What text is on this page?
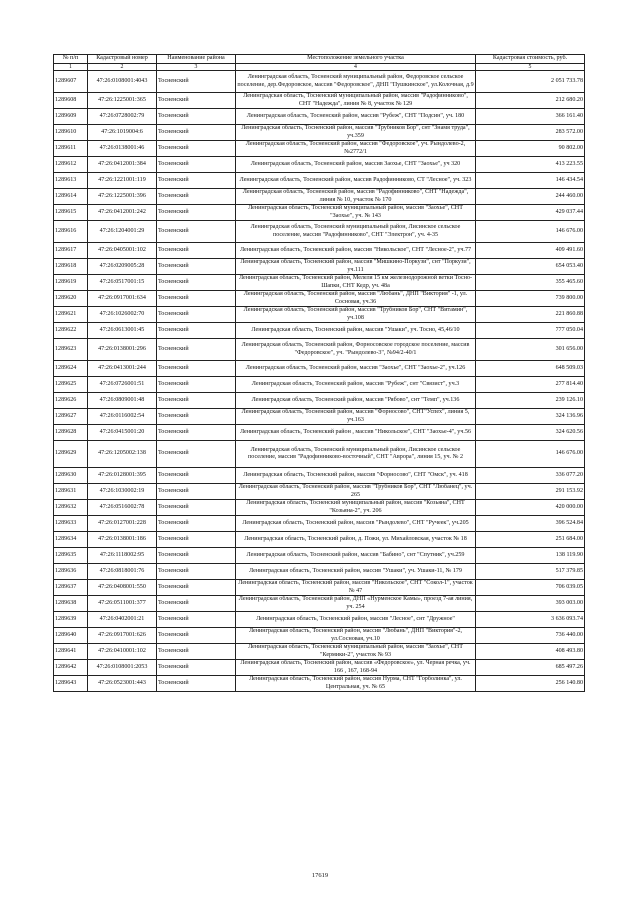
№ п/п	Кадастровый номер	Наименование района	Местоположение земельного участка	Кадастровая стоимость, руб.
1	2	3	4	5
1289607	47:26:0108001:4043	Тосненский	Ленинградская область, Тосненский муниципальный район, Федоровское сельское поселение, дер.Федоровское, массив "Федоровское", ДНП "Пушкинское", ул.Колочная, д.9	2 051 733.78
1289608	47:26:1225001:365	Тосненский	Ленинградская область, Тосненский муниципальный район, массив "Радофинниково", СНТ "Надежда", линия № 8, участок № 129	212 680.20
1289609	47:26:0728002:79	Тосненский	Ленинградская область, Тосненский район, массив "Рубеж", СНТ "Подсин", уч. 180	366 161.40
1289610	47:26:1019004:6	Тосненский	Ленинградская область, Тосненский район, массив "Трубников Бор", снт "Знамя труда", уч.359	283 572.00
1289611	47:26:0138001:46	Тосненский	Ленинградская область, Тосненский район, массив "Федоровское", уч. Рындолево-2, №2772/1	90 802.00
1289612	47:26:0412001:384	Тосненский	Ленинградская область, Тосненский район, массив Заохье, СНТ "Заохье", уч 320	413 223.55
1289613	47:26:1221001:119	Тосненский	Ленинградская область, Тосненский район, массив Радофинниково, СТ "Лесное", уч. 323	146 434.54
1289614	47:26:1225001:396	Тосненский	Ленинградская область, Тосненский район, массив "Радофинниково", СНТ "Надежда", линия № 10, участок № 170	244 460.00
1289615	47:26:0412001:242	Тосненский	Ленинградская область, Тосненский муниципальный район, массив "Заохье", СНТ "Заохье", уч. № 143	429 037.44
1289616	47:26:1204001:29	Тосненский	Ленинградская область, Тосненский муниципальный район, Лисинское сельское поселение, массив "Радофинниково", СНТ "Электрон", уч. 4-35	146 676.00
1289617	47:26:0405001:102	Тосненский	Ленинградская область, Тосненский район, массив "Никольское", СНТ "Лесное-2", уч.77	409 491.60
1289618	47:26:0209005:28	Тосненский	Ленинградская область, Тосненский район, массив "Мишкино-Поркузи", снт "Поркузи", уч.111	654 053.40
1289619	47:26:0517001:15	Тосненский	Ленинградская область, Тосненский район, Мелеля 15 км железнодорожной ветки Тосно-Шапки, СНТ Кедр, уч. 48а	355 465.60
1289620	47:26:0917001:634	Тосненский	Ленинградская область, Тосненский район, массив "Любань", ДНП "Виктория" -1, ул. Сосновая, уч.36	739 800.00
1289621	47:26:1026002:70	Тосненский	Ленинградская область, Тосненский район, массив "Трубников Бор", СНТ "Витамин", уч.108	221 860.88
1289622	47:26:0613001:45	Тосненский	Ленинградская область, Тосненский район, массив "Ушаки", уч. Тосно, 45,46/10	777 050.04
1289623	47:26:0138001:296	Тосненский	Ленинградская область, Тосненский район, Форносовское городское поселение, массив "Федоровское", уч. "Рындолево-3", №94/2-40/1	301 656.00
1289624	47:26:0413001:244	Тосненский	Ленинградская область, Тосненский район, массив "Заохье", СНТ "Заохье-2", уч.126	648 509.03
1289625	47:26:0726001:51	Тосненский	Ленинградская область, Тосненский район, массив "Рубеж", снт "Связист", уч.3	277 814.40
1289626	47:26:0809001:48	Тосненский	Ленинградская область, Тосненский район, массив "Рябово", снт "Темп", уч.136	239 126.10
1289627	47:26:0116002:54	Тосненский	Ленинградская область, Тосненский район, массив "Форносово", СНТ"Успех", линия 5, уч.163	324 136.96
1289628	47:26:0415001:20	Тосненский	Ленинградская область, Тосненский район , массив "Никольское", СНТ "Заохье-4", уч.56	324 620.56
1289629	47:26:1205002:138	Тосненский	Ленинградская область, Тосненский муниципальный район, Лисинское сельское поселение, массив "Радофинниково-восточный", СНТ "Аврора", линия 15, уч. № 2	146 676.00
1289630	47:26:0128001:395	Тосненский	Ленинградская область, Тосненский район, массив "Форносово", СНТ "Омск", уч. 418	336 077.20
1289631	47:26:1030002:19	Тосненский	Ленинградская область, Тосненский район, массив "Трубников Бор", СНТ "Любанец", уч. 265	291 153.92
1289632	47:26:0516002:78	Тосненский	Ленинградская область, Тосненский муниципальный район, массив "Козьяна", СНТ "Козьяна-2", уч. 206	420 000.00
1289633	47:26:0127001:228	Тосненский	Ленинградская область, Тосненский район, массив "Рындолево", СНТ "Ручеек", уч.205	396 524.84
1289634	47:26:0138001:186	Тосненский	Ленинградская область, Тосненский район, д. Пожи, ул. Михайловская, участок № 18	251 684.00
1289635	47:26:1118002:95	Тосненский	Ленинградская область, Тосненский район, массив "Бабино", снт "Спутник", уч.259	138 119.90
1289636	47:26:0818001:76	Тосненский	Ленинградская область, Тосненский район, массив "Ушаки", уч. Ушаки-11, № 179	517 379.85
1289637	47:26:0408001:550	Тосненский	Ленинградская область, Тосненский район, массив "Никольское", СНТ "Сокол-1", участок № 47	706 039.05
1289638	47:26:0511001:377	Тосненский	Ленинградская область, Тосненский район, ДНП «Нурменское Камы», проезд 7-ая линия, уч. 254	393 003.00
1289639	47:26:0402001:21	Тосненский	Ленинградская область, Тосненский район, массив "Лесное", снт "Дружное"	3 636 093.74
1289640	47:26:0917001:626	Тосненский	Ленинградская область, Тосненский район, массив "Любань", ДНП "Виктория"-2, ул.Сосновая, уч.10	736 440.00
1289641	47:26:0410001:102	Тосненский	Ленинградская область, Тосненский муниципальный район, массив "Заохье", СНТ "Кермики-2", участок № 93	408 493.80
1289642	47:26:0108001:2053	Тосненский	Ленинградская область, Тосненский район, массив «Федоровское», ул. Черная речка, уч. 166 , 167, 168-94	685 497.26
1289643	47:26:0523001:443	Тосненский	Ленинградская область, Тосненский район, массив Нурма, СНТ "Горболинка", ул. Центральная, уч. № 65	256 140.80
17619
